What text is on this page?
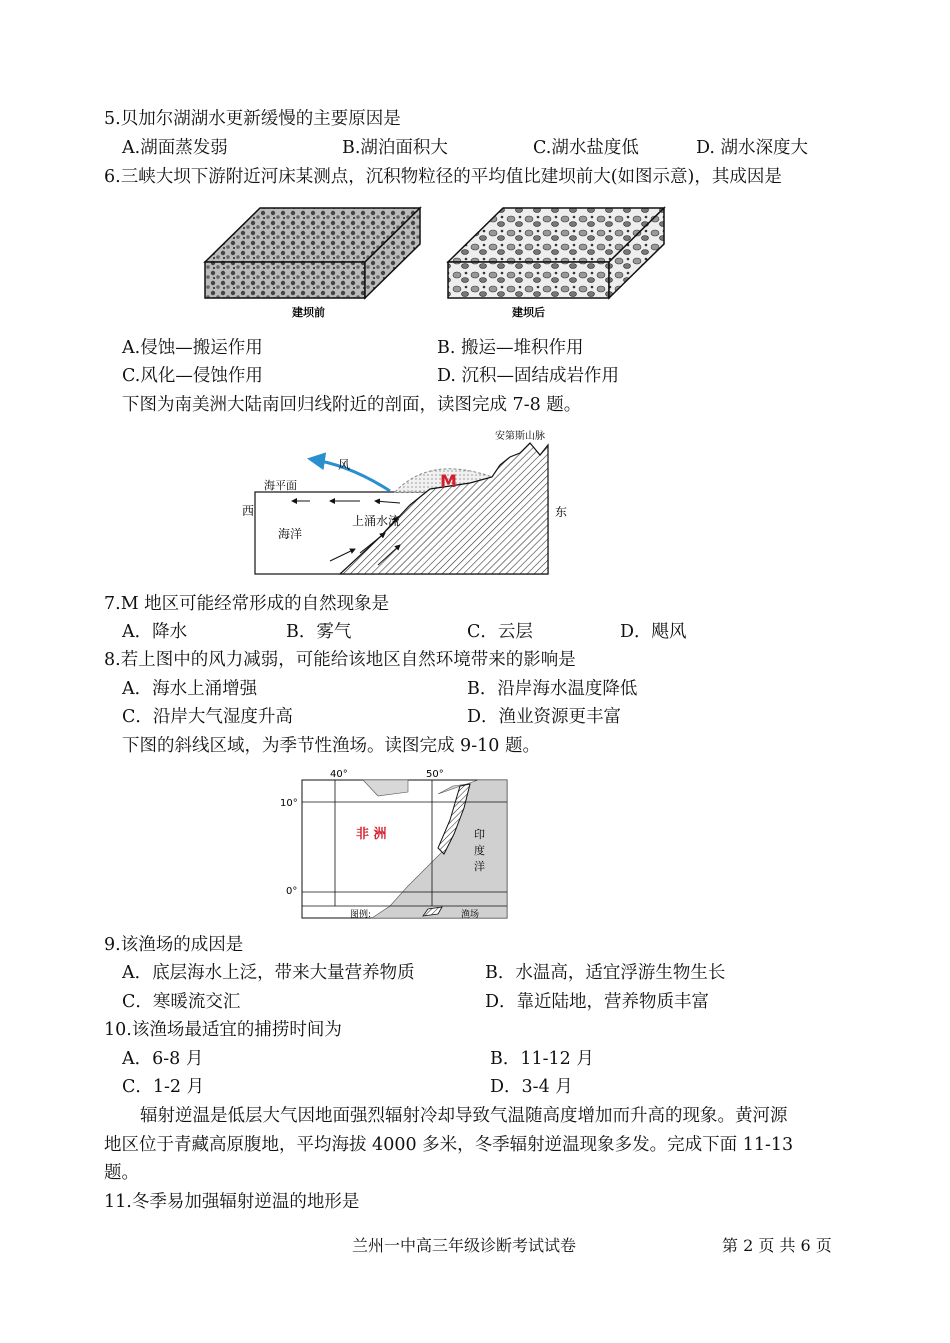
5.贝加尔湖湖水更新缓慢的主要原因是
A.湖面蒸发弱	B.湖泊面积大	C.湖水盐度低	D. 湖水深度大
6.三峡大坝下游附近河床某测点，沉积物粒径的平均值比建坝前大(如图示意)，其成因是
建坝前	建坝后
A.侵蚀—搬运作用	B. 搬运—堆积作用
C.风化—侵蚀作用	D. 沉积—固结成岩作用
下图为南美洲大陆南回归线附近的剖面，读图完成 7-8 题。
安第斯山脉
M
风
海平面
西	东
海洋
上涌水流
7.M 地区可能经常形成的自然现象是
A．降水	B．雾气	C．云层	D．飓风
8.若上图中的风力减弱，可能给该地区自然环境带来的影响是
A．海水上涌增强	B．沿岸海水温度降低
C．沿岸大气湿度升高	D．渔业资源更丰富
下图的斜线区域，为季节性渔场。读图完成 9-10 题。
40°	50°
10°
0°
非 洲	印
度
洋
图例:	渔场
9.该渔场的成因是
A．底层海水上泛，带来大量营养物质	B．水温高，适宜浮游生物生长
C．寒暖流交汇	D．靠近陆地，营养物质丰富
10.该渔场最适宜的捕捞时间为
A．6-8 月	B．11-12 月
C．1-2 月	D．3-4 月
辐射逆温是低层大气因地面强烈辐射冷却导致气温随高度增加而升高的现象。黄河源
地区位于青藏高原腹地，平均海拔 4000 多米，冬季辐射逆温现象多发。完成下面 11-13
题。
11.冬季易加强辐射逆温的地形是
兰州一中高三年级诊断考试试卷	第 2 页 共 6 页
